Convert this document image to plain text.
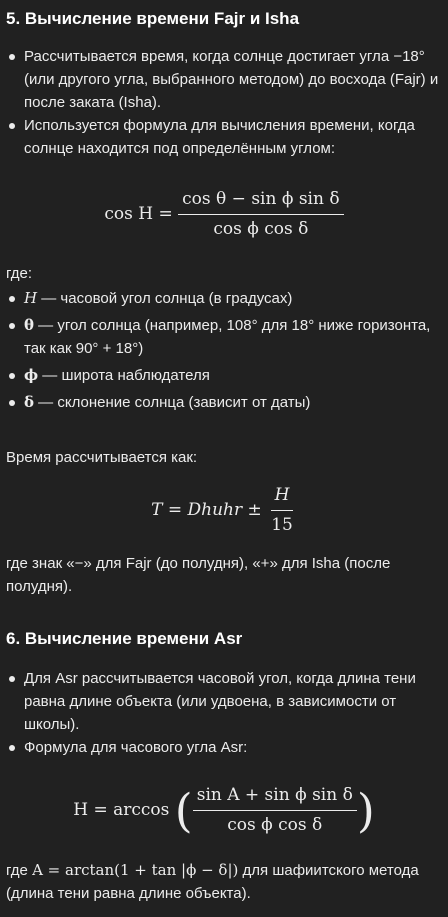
5. Вычисление времени Fajr и Isha
Рассчитывается время, когда солнце достигает угла −18° (или другого угла, выбранного методом) до восхода (Fajr) и после заката (Isha).
Используется формула для вычисления времени, когда солнце находится под определённым углом:
$\cos H = \frac{\text{cos θ − sin ϕ sin δ}}{\text{cos ϕ cos δ}}$

где:

H — часовой угол солнца (в градусах)
θ — угол солнца (например, 108° для 18° ниже горизонта, так как 90° + 18°)
ϕ — широта наблюдателя
δ — склонение солнца (зависит от даты)

Время рассчитывается как:

T = Dhuhr ± $\frac{H}{15}$

где знак «−» для Fajr (до полудня), «+» для Isha (после полудня).

6. Вычисление времени Asr
Для Asr рассчитывается часовой угол, когда длина тени равна длине объекта (или удвоена, в зависимости от школы).
Формула для часового угла Asr:
H = arccos ( $\frac{\text{sin A + sin ϕ sin δ}}{\text{cos ϕ cos δ}}$ )

где A = arctan(1 + tan |ϕ − δ|) для шафиитского метода (длина тени равна длине объекта).
